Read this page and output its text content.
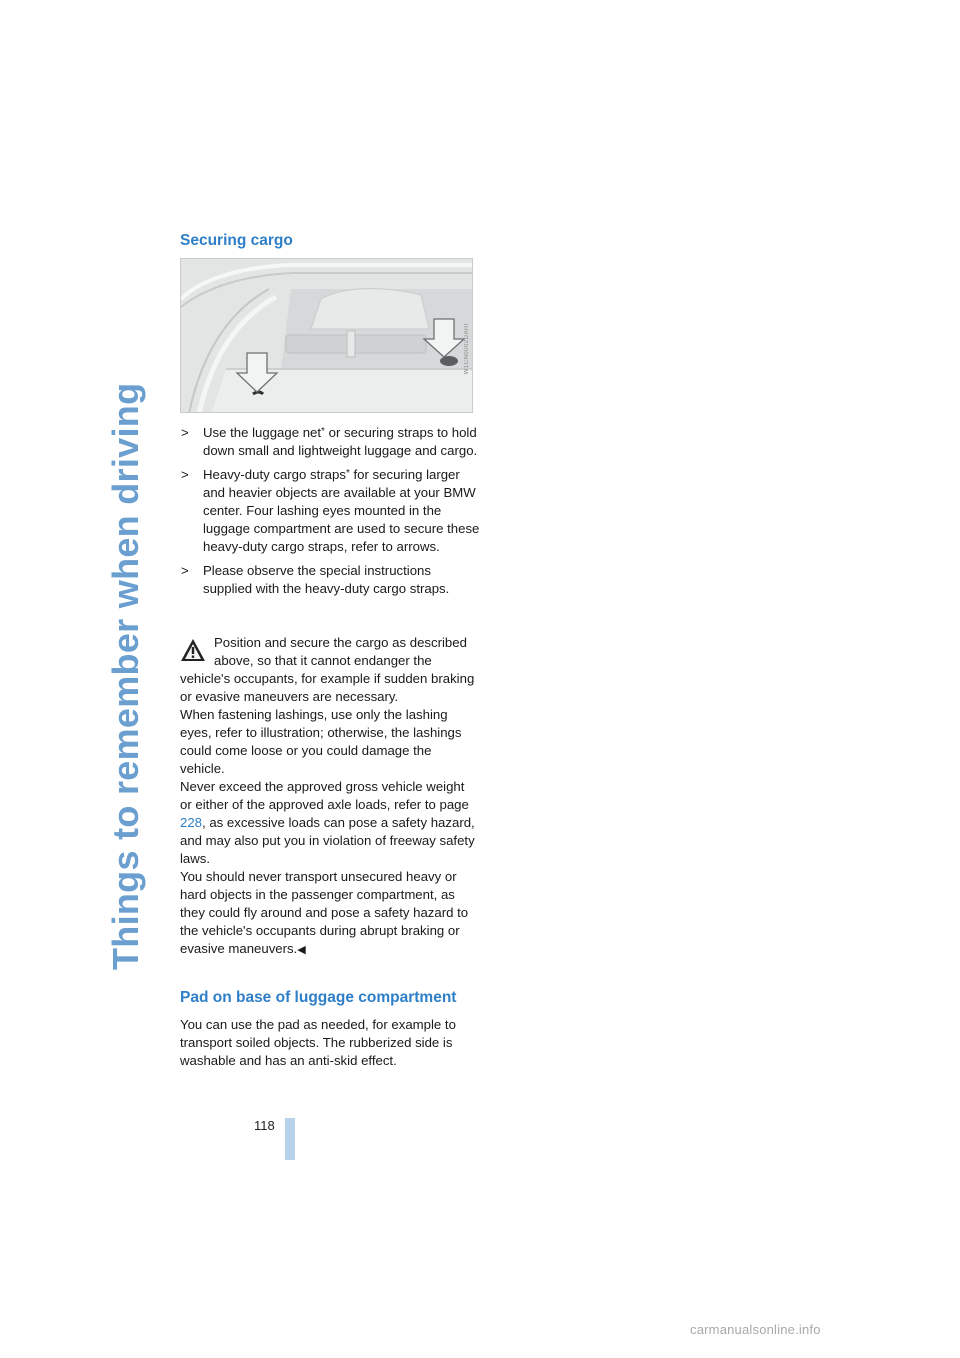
Things to remember when driving
Securing cargo
W1CN0002DARI
> Use the luggage net* or securing straps to hold down small and lightweight luggage and cargo.
> Heavy-duty cargo straps* for securing larger and heavier objects are available at your BMW center. Four lashing eyes mounted in the luggage compartment are used to secure these heavy-duty cargo straps, refer to arrows.
> Please observe the special instructions supplied with the heavy-duty cargo straps.

Position and secure the cargo as described above, so that it cannot endanger the vehicle's occupants, for example if sudden braking or evasive maneuvers are necessary.

When fastening lashings, use only the lashing eyes, refer to illustration; otherwise, the lashings could come loose or you could damage the vehicle.

Never exceed the approved gross vehicle weight or either of the approved axle loads, refer to page 228, as excessive loads can pose a safety hazard, and may also put you in violation of freeway safety laws.

You should never transport unsecured heavy or hard objects in the passenger compartment, as they could fly around and pose a safety hazard to the vehicle's occupants during abrupt braking or evasive maneuvers.◀

Pad on base of luggage compartment

You can use the pad as needed, for example to transport soiled objects. The rubberized side is washable and has an anti-skid effect.

118
carmanualsonline.info
